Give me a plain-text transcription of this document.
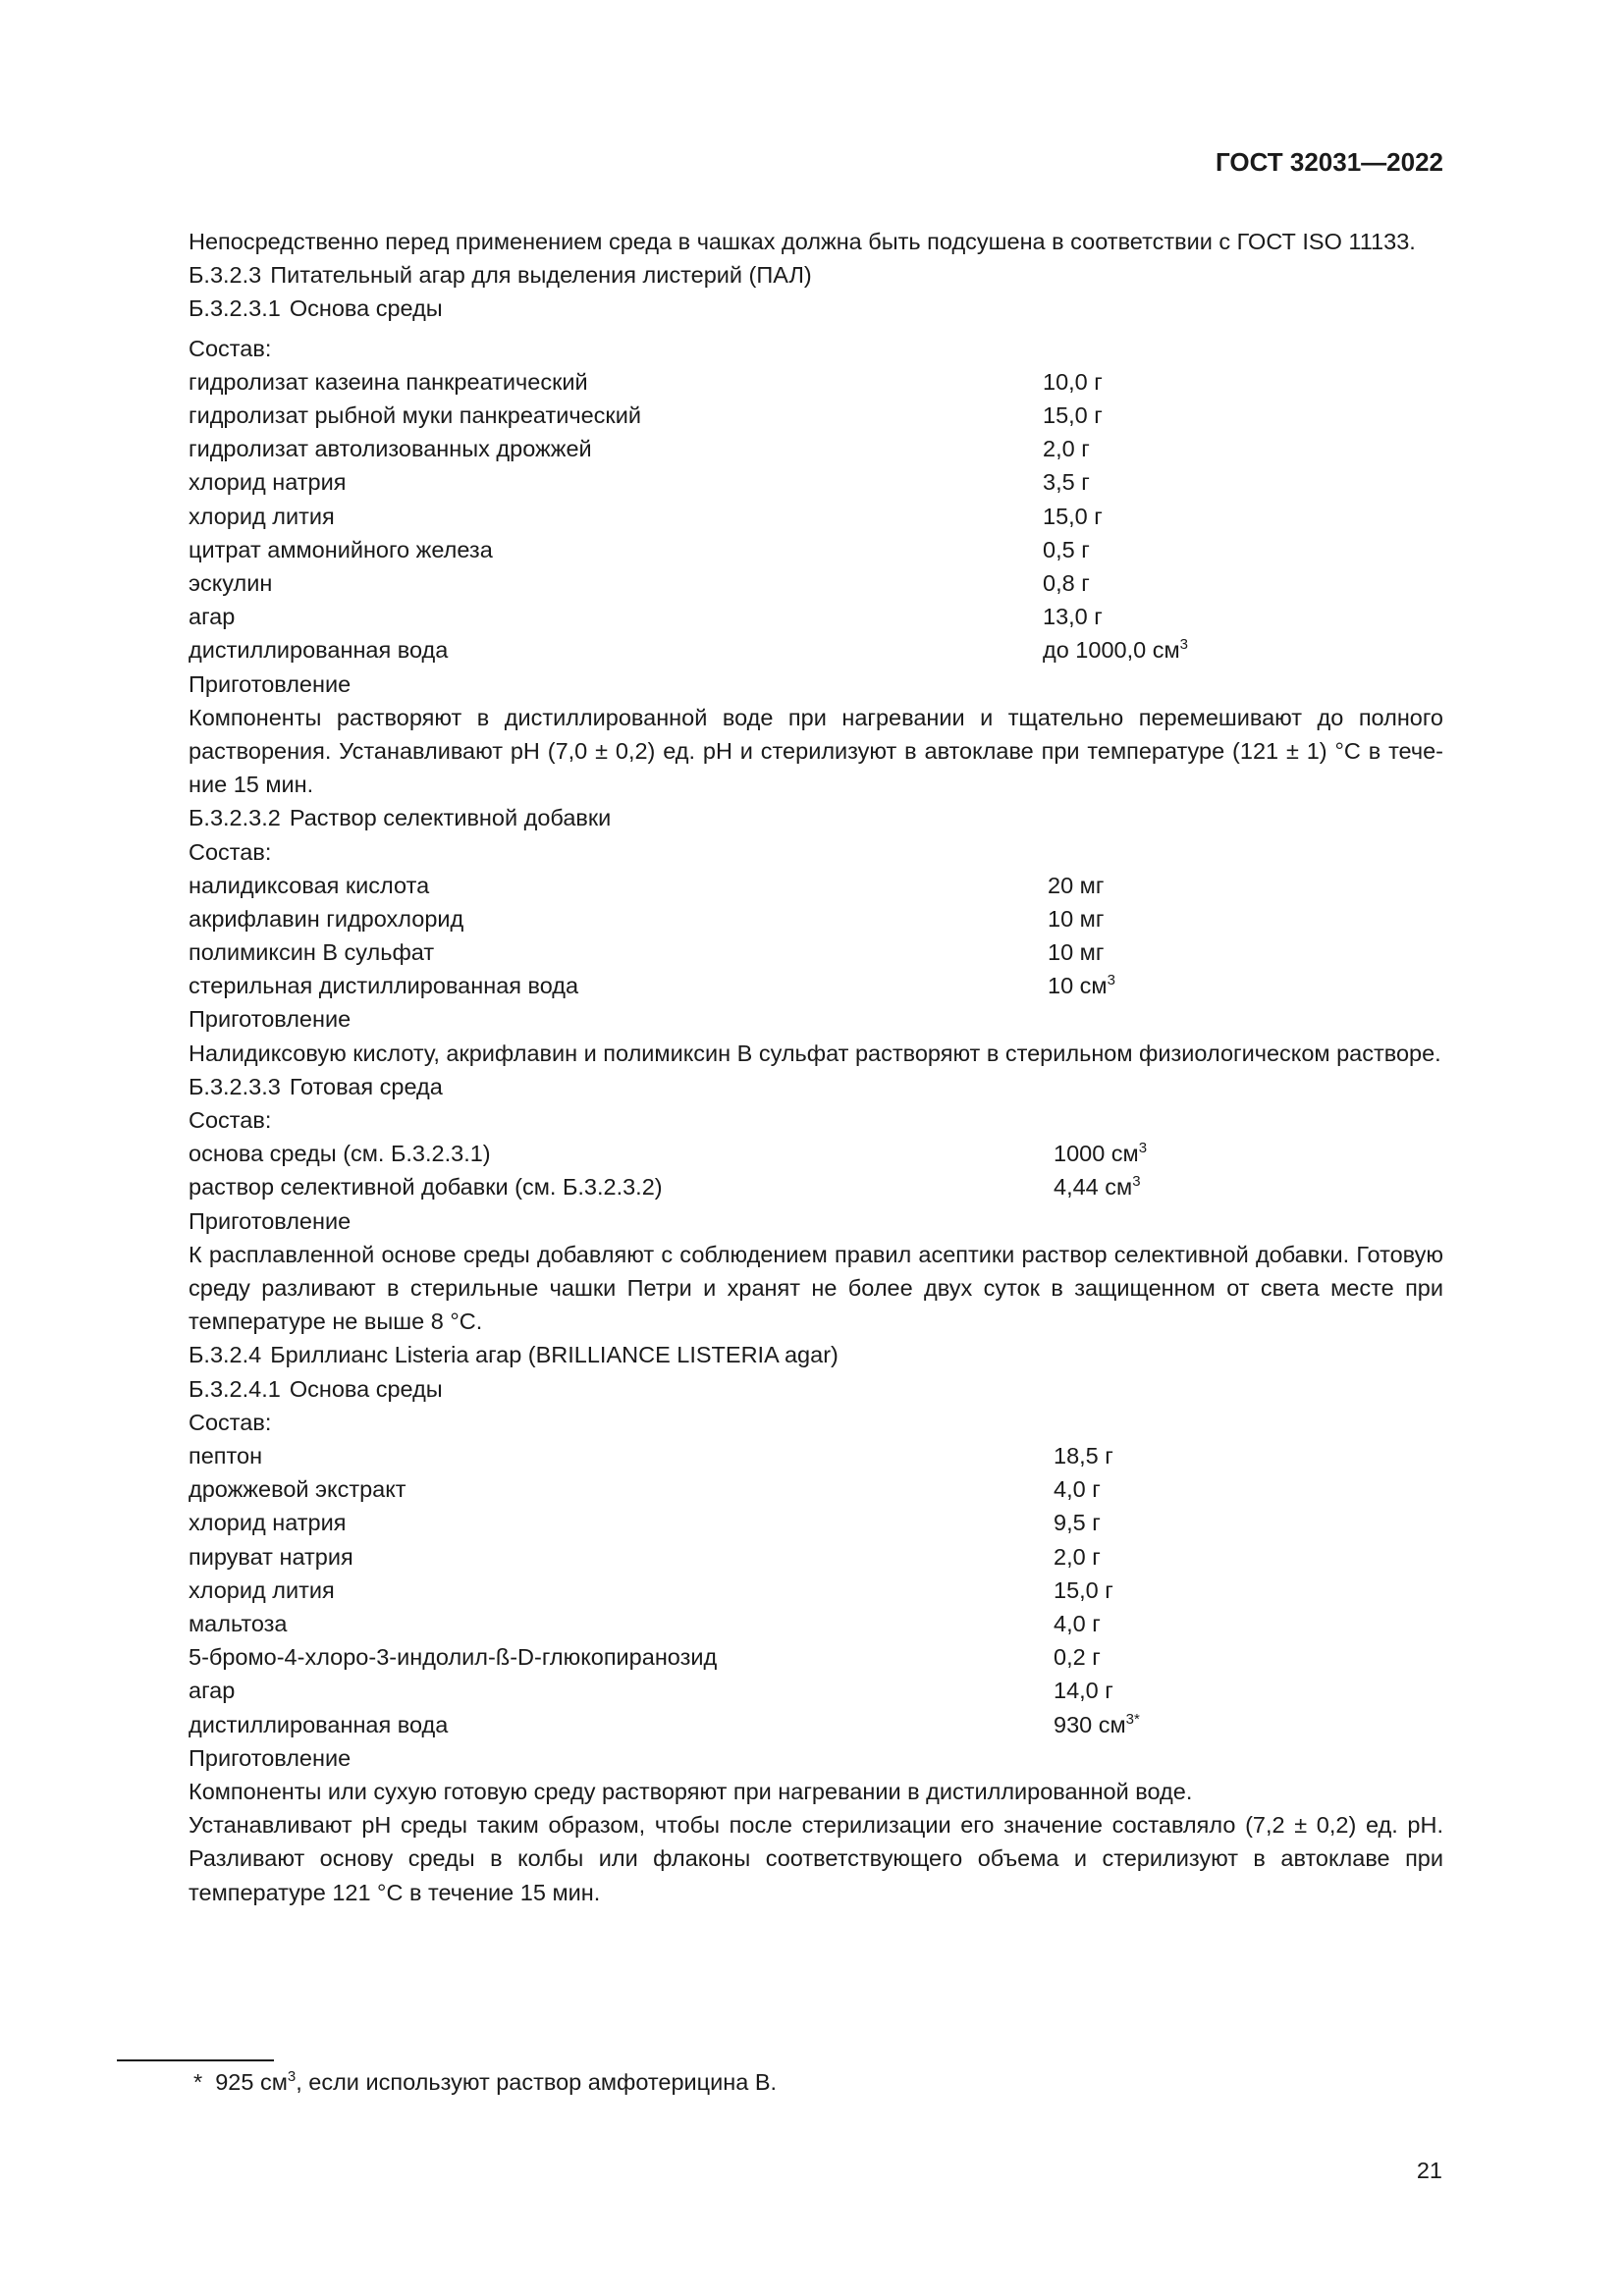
ГОСТ 32031—2022

Непосредственно перед применением среда в чашках должна быть подсушена в соответствии с ГОСТ ISO 11133.

Б.3.2.3 Питательный агар для выделения листерий (ПАЛ)
Б.3.2.3.1 Основа среды
Состав:
гидролизат казеина панкреатический	10,0 г
гидролизат рыбной муки панкреатический	15,0 г
гидролизат автолизованных дрожжей	2,0 г
хлорид натрия	3,5 г
хлорид лития	15,0 г
цитрат аммонийного железа	0,5 г
эскулин	0,8 г
агар	13,0 г
дистиллированная вода	до 1000,0 $см^3$
Приготовление

Компоненты растворяют в дистиллированной воде при нагревании и тщательно перемешивают до полного растворения. Устанавливают pH (7,0 ± 0,2) ед. pH и стерилизуют в автоклаве при температуре (121 ± 1) °С в тече-ние 15 мин.

Б.3.2.3.2 Раствор селективной добавки
Состав:
налидиксовая кислота	20 мг
акрифлавин гидрохлорид	10 мг
полимиксин В сульфат	10 мг
стерильная дистиллированная вода	10 $см^3$
Приготовление

Налидиксовую кислоту, акрифлавин и полимиксин В сульфат растворяют в стерильном физиологическом растворе.

Б.3.2.3.3 Готовая среда
Состав:
основа среды (см. Б.3.2.3.1)	1000 $см^3$
раствор селективной добавки (см. Б.3.2.3.2)	4,44 $см^3$
Приготовление

К расплавленной основе среды добавляют с соблюдением правил асептики раствор селективной добавки. Готовую среду разливают в стерильные чашки Петри и хранят не более двух суток в защищенном от света месте при температуре не выше 8 °С.

Б.3.2.4 Бриллианс Listeria агар (BRILLIANCE LISTERIA agar)
Б.3.2.4.1 Основа среды
Состав:
пептон	18,5 г
дрожжевой экстракт	4,0 г
хлорид натрия	9,5 г
пируват натрия	2,0 г
хлорид лития	15,0 г
мальтоза	4,0 г
5-бромо-4-хлоро-3-индолил-ß-D-глюкопиранозид	0,2 г
агар	14,0 г
дистиллированная вода	930 $см^{3*}$
Приготовление

Компоненты или сухую готовую среду растворяют при нагревании в дистиллированной воде.

Устанавливают pH среды таким образом, чтобы после стерилизации его значение составляло (7,2 ± 0,2) ед. pH. Разливают основу среды в колбы или флаконы соответствующего объема и стерилизуют в автоклаве при температуре 121 °С в течение 15 мин.

* 925 $см^3$, если используют раствор амфотерицина В.
21
